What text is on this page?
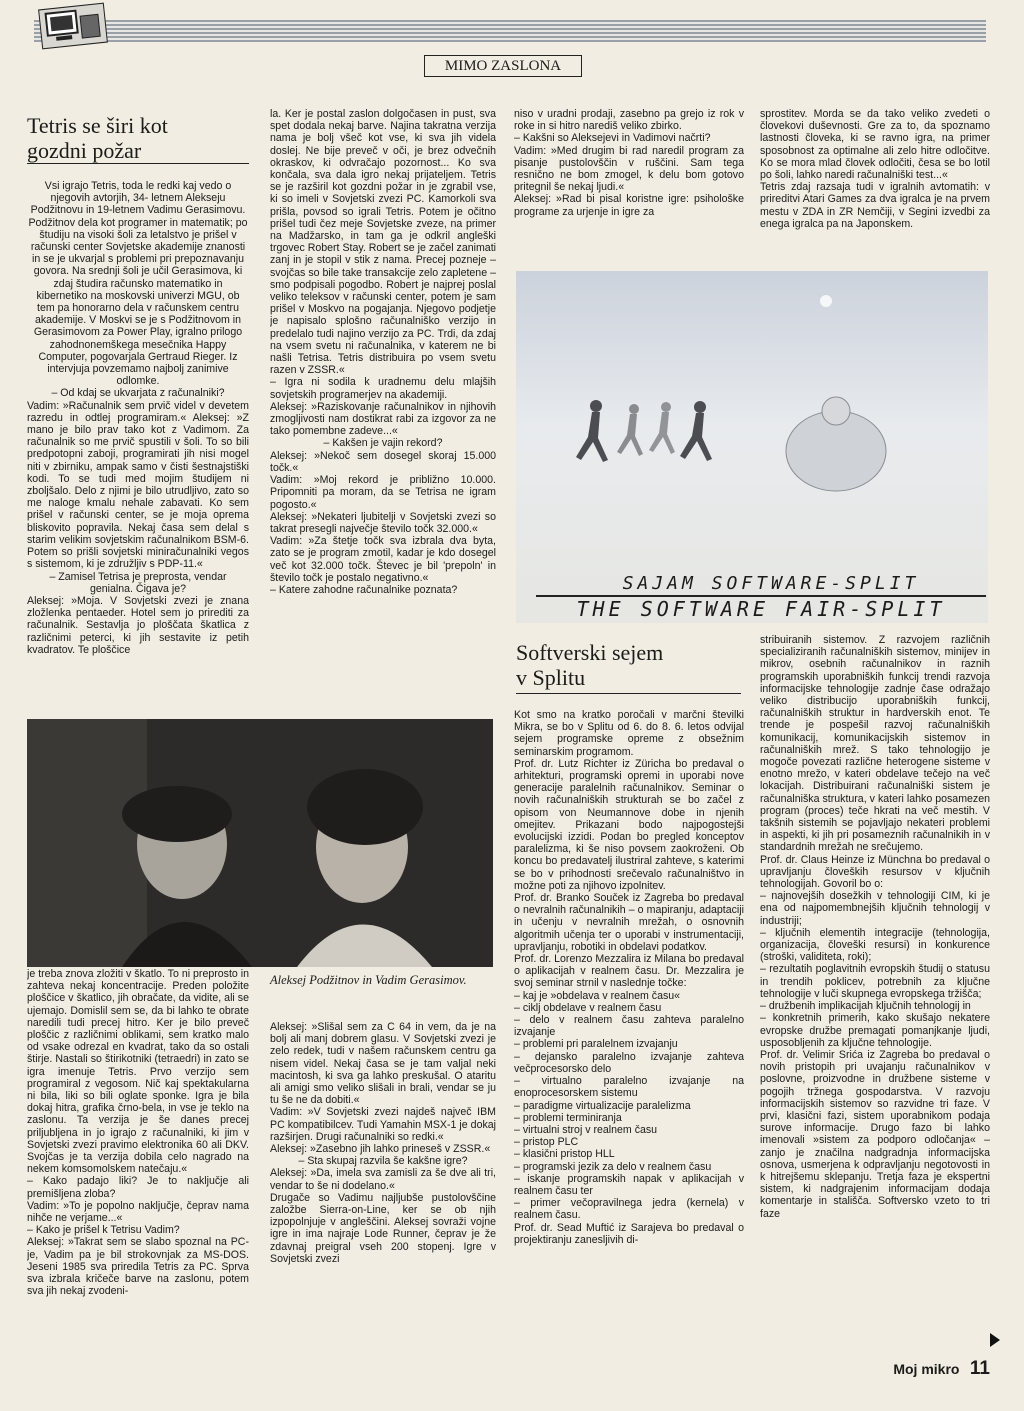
MIMO ZASLONA
Tetris se širi kot
gozdni požar

Vsi igrajo Tetris, toda le redki kaj vedo o njegovih avtorjih, 34- letnem Alekseju Podžitnovu in 19-letnem Vadimu Gerasimovu. Podžitnov dela kot programer in matematik; po študiju na visoki šoli za letalstvo je prišel v računski center Sovjetske akademije znanosti in se je ukvarjal s problemi pri prepoznavanju govora. Na srednji šoli je učil Gerasimova, ki zdaj študira računsko matematiko in kibernetiko na moskovski univerzi MGU, ob tem pa honorarno dela v računskem centru akademije. V Moskvi se je s Podžitnovom in Gerasimovom za Power Play, igralno prilogo zahodnonemškega mesečnika Happy Computer, pogovarjala Gertraud Rieger. Iz intervjuja povzemamo najbolj zanimive odlomke.

– Od kdaj se ukvarjata z računalniki?

Vadim: »Računalnik sem prvič videl v devetem razredu in odtlej programiram.« Aleksej: »Z mano je bilo prav tako kot z Vadimom. Za računalnik so me prvič spustili v šoli. To so bili predpotopni zaboji, programirati jih nisi mogel niti v zbirniku, ampak samo v čisti šestnajstiški kodi. To se tudi med mojim študijem ni zboljšalo. Delo z njimi je bilo utrudljivo, zato so me naloge kmalu nehale zabavati. Ko sem prišel v računski center, se je moja oprema bliskovito popravila. Nekaj časa sem delal s starim velikim sovjetskim računalnikom BSM-6. Potem so prišli sovjetski miniračunalniki vegos s sistemom, ki je združljiv s PDP-11.«

– Zamisel Tetrisa je preprosta, vendar genialna. Čigava je?

Aleksej: »Moja. V Sovjetski zvezi je znana zložlenka pentaeder. Hotel sem jo prirediti za računalnik. Sestavlja jo ploščata škatlica z različnimi peterci, ki jih sestavite iz petih kvadratov. Te ploščice

la. Ker je postal zaslon dolgočasen in pust, sva spet dodala nekaj barve. Najina takratna verzija nama je bolj všeč kot vse, ki sva jih videla doslej. Ne bije preveč v oči, je brez odvečnih okraskov, ki odvračajo pozornost... Ko sva končala, sva dala igro nekaj prijateljem. Tetris se je razširil kot gozdni požar in je zgrabil vse, ki so imeli v Sovjetski zvezi PC. Kamorkoli sva prišla, povsod so igrali Tetris. Potem je očitno prišel tudi čez meje Sovjetske zveze, na primer na Madžarsko, in tam ga je odkril angleški trgovec Robert Stay. Robert se je začel zanimati zanj in je stopil v stik z nama. Precej pozneje – svojčas so bile take transakcije zelo zapletene – smo podpisali pogodbo. Robert je najprej poslal veliko teleksov v računski center, potem je sam prišel v Moskvo na pogajanja. Njegovo podjetje je napisalo splošno računalniško verzijo in predelalo tudi najino verzijo za PC. Trdi, da zdaj na vsem svetu ni računalnika, v katerem ne bi našli Tetrisa. Tetris distribuira po vsem svetu razen v ZSSR.«

– Igra ni sodila k uradnemu delu mlajših sovjetskih programerjev na akademiji.

Aleksej: »Raziskovanje računalnikov in njihovih zmogljivosti nam dostikrat rabi za izgovor za ne tako pomembne zadeve...«

– Kakšen je vajin rekord?

Aleksej: »Nekoč sem dosegel skoraj 15.000 točk.«

Vadim: »Moj rekord je približno 10.000. Pripomniti pa moram, da se Tetrisa ne igram pogosto.«

Aleksej: »Nekateri ljubitelji v Sovjetski zvezi so takrat presegli največje število točk 32.000.«

Vadim: »Za štetje točk sva izbrala dva byta, zato se je program zmotil, kadar je kdo dosegel več kot 32.000 točk. Števec je bil 'prepoln' in število točk je postalo negativno.«

– Katere zahodne računalnike poznata?

niso v uradni prodaji, zasebno pa grejo iz rok v roke in si hitro narediš veliko zbirko.

– Kakšni so Aleksejevi in Vadimovi načrti?

Vadim: »Med drugim bi rad naredil program za pisanje pustolovščin v ruščini. Sam tega resnično ne bom zmogel, k delu bom gotovo pritegnil še nekaj ljudi.«

Aleksej: »Rad bi pisal koristne igre: psihološke programe za urjenje in igre za

sprostitev. Morda se da tako veliko zvedeti o človekovi duševnosti. Gre za to, da spoznamo lastnosti človeka, ki se ravno igra, na primer sposobnost za optimalne ali zelo hitre odločitve. Ko se mora mlad človek odločiti, česa se bo lotil po šoli, lahko naredi računalniški test...«

Tetris zdaj razsaja tudi v igralnih avtomatih: v prireditvi Atari Games za dva igralca je na prvem mestu v ZDA in ZR Nemčiji, v Segini izvedbi za enega igralca pa na Japonskem.

SAJAM SOFTWARE-SPLIT
THE SOFTWARE FAIR-SPLIT
Aleksej Podžitnov in Vadim Gerasimov.

je treba znova zložiti v škatlo. To ni preprosto in zahteva nekaj koncentracije. Preden položite ploščice v škatlico, jih obračate, da vidite, ali se ujemajo. Domislil sem se, da bi lahko te obrate naredili tudi precej hitro. Ker je bilo preveč ploščic z različnimi oblikami, sem kratko malo od vsake odrezal en kvadrat, tako da so ostali štirje. Nastali so štirikotniki (tetraedri) in zato se igra imenuje Tetris. Prvo verzijo sem programiral z vegosom. Nič kaj spektakularna ni bila, liki so bili oglate sponke. Igra je bila dokaj hitra, grafika črno-bela, in vse je teklo na zaslonu. Ta verzija je še danes precej priljubljena in jo igrajo z računalniki, ki jim v Sovjetski zvezi pravimo elektronika 60 ali DKV. Svojčas je ta verzija dobila celo nagrado na nekem komsomolskem natečaju.«

– Kako padajo liki? Je to naključje ali premišljena zloba?

Vadim: »To je popolno naključje, čeprav nama nihče ne verjame...«

– Kako je prišel k Tetrisu Vadim?

Aleksej: »Takrat sem se slabo spoznal na PC-je, Vadim pa je bil strokovnjak za MS-DOS. Jeseni 1985 sva priredila Tetris za PC. Sprva sva izbrala kričeče barve na zaslonu, potem sva jih nekaj zvodeni-

Aleksej: »Slišal sem za C 64 in vem, da je na bolj ali manj dobrem glasu. V Sovjetski zvezi je zelo redek, tudi v našem računskem centru ga nisem videl. Nekaj časa se je tam valjal neki macintosh, ki sva ga lahko preskušal. O ataritu ali amigi smo veliko slišali in brali, vendar se ju tu še ne da dobiti.«

Vadim: »V Sovjetski zvezi najdeš največ IBM PC kompatibilcev. Tudi Yamahin MSX-1 je dokaj razširjen. Drugi računalniki so redki.«

Aleksej: »Zasebno jih lahko prineseš v ZSSR.«

– Sta skupaj razvila še kakšne igre?

Aleksej: »Da, imela sva zamisli za še dve ali tri, vendar to še ni dodelano.«

Drugače so Vadimu najljubše pustolovščine založbe Sierra-on-Line, ker se ob njih izpopolnjuje v angleščini. Aleksej sovraži vojne igre in ima najraje Lode Runner, čeprav je že zdavnaj preigral vseh 200 stopenj. Igre v Sovjetski zvezi

Softverski sejem
v Splitu

Kot smo na kratko poročali v marčni številki Mikra, se bo v Splitu od 6. do 8. 6. letos odvijal sejem programske opreme z obsežnim seminarskim programom.

Prof. dr. Lutz Richter iz Züricha bo predaval o arhitekturi, programski opremi in uporabi nove generacije paralelnih računalnikov. Seminar o novih računalniških strukturah se bo začel z opisom von Neumannove dobe in njenih omejitev. Prikazani bodo najpogostejši evolucijski izzidi. Podan bo pregled konceptov paralelizma, ki še niso povsem zaokroženi. Ob koncu bo predavatelj ilustriral zahteve, s katerimi se bo v prihodnosti srečevalo računalništvo in možne poti za njihovo izpolnitev.

Prof. dr. Branko Souček iz Zagreba bo predaval o nevralnih računalnikih – o mapiranju, adaptaciji in učenju v nevralnih mrežah, o osnovnih algoritmih učenja ter o uporabi v instrumentaciji, upravljanju, robotiki in obdelavi podatkov.

Prof. dr. Lorenzo Mezzalira iz Milana bo predaval o aplikacijah v realnem času. Dr. Mezzalira je svoj seminar strnil v naslednje točke:

– kaj je »obdelava v realnem času«

– ciklj obdelave v realnem času

– delo v realnem času zahteva paralelno izvajanje

– problemi pri paralelnem izvajanju

– dejansko paralelno izvajanje zahteva večprocesorsko delo

– virtualno paralelno izvajanje na enoprocesorskem sistemu

– paradigme virtualizacije paralelizma

– problemi terminiranja

– virtualni stroj v realnem času

– pristop PLC

– klasični pristop HLL

– programski jezik za delo v realnem času

– iskanje programskih napak v aplikacijah v realnem času ter

– primer večopravilnega jedra (kernela) v realnem času.

Prof. dr. Sead Muftić iz Sarajeva bo predaval o projektiranju zanesljivih di-

stribuiranih sistemov. Z razvojem različnih specializiranih računalniških sistemov, minijev in mikrov, osebnih računalnikov in raznih programskih uporabniških funkcij trendi razvoja informacijske tehnologije zadnje čase odražajo veliko distribucijo uporabniških funkcij, računalniških struktur in hardverskih enot. Te trende je pospešil razvoj računalniških komunikacij, komunikacijskih sistemov in računalniških mrež. S tako tehnologijo je mogoče povezati različne heterogene sisteme v enotno mrežo, v kateri obdelave tečejo na več lokacijah. Distribuirani računalniški sistem je računalniška struktura, v kateri lahko posamezen program (proces) teče hkrati na več mestih. V takšnih sistemih se pojavljajo nekateri problemi in aspekti, ki jih pri posameznih računalnikih in v standardnih mrežah ne srečujemo.

Prof. dr. Claus Heinze iz Münchna bo predaval o upravljanju človeških resursov v ključnih tehnologijah. Govoril bo o:

– najnovejših dosežkih v tehnologiji CIM, ki je ena od najpomembnejših ključnih tehnologij v industriji;

– ključnih elementih integracije (tehnologija, organizacija, človeški resursi) in konkurence (stroški, validiteta, roki);

– rezultatih poglavitnih evropskih študij o statusu in trendih poklicev, potrebnih za ključne tehnologije v luči skupnega evropskega tržišča;

– družbenih implikacijah ključnih tehnologij in

– konkretnih primerih, kako skušajo nekatere evropske družbe premagati pomanjkanje ljudi, usposobljenih za ključne tehnologije.

Prof. dr. Velimir Srića iz Zagreba bo predaval o novih pristopih pri uvajanju računalnikov v poslovne, proizvodne in družbene sisteme v pogojih tržnega gospodarstva. V razvoju informacijskih sistemov so razvidne tri faze. V prvi, klasični fazi, sistem uporabnikom podaja surove informacije. Drugo fazo bi lahko imenovali »sistem za podporo odločanja« – zanjo je značilna nadgradnja informacijska osnova, usmerjena k odpravljanju negotovosti in k hitrejšemu sklepanju. Tretja faza je ekspertni sistem, ki nadgrajenim informacijam dodaja komentarje in stališča. Softversko vzeto to tri faze

Moj mikro 11
